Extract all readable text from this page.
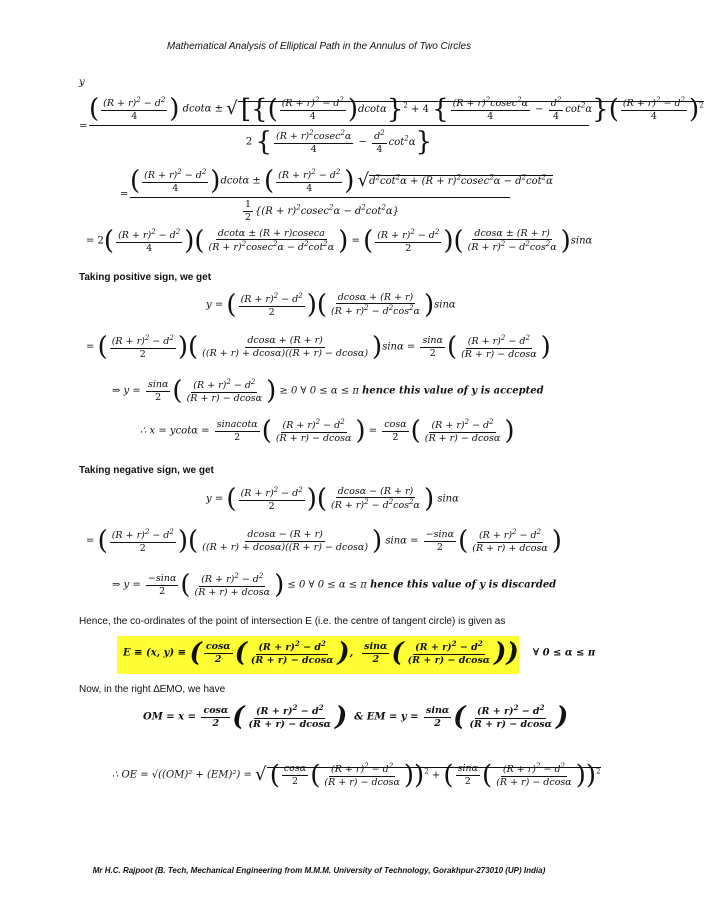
Mathematical Analysis of Elliptical Path in the Annulus of Two Circles
y
=
( $\frac{(R + r)^2 - d^2}{4}$ ) dcotα ± √ [{( $\frac{(R + r)^2 - d^2}{4} )dcot\alpha\}^2 + 4$ { $\frac{(R + r)^2cosec^2\alpha}{4} - \frac{d^2}{4} \cot^2\alpha\}( \frac{(R + r)^2 - d^2}{4} )^2$
2 { $\frac{(R + r)^2cosec^2\alpha}{4} - \frac{d^2}{4} \cot^2\alpha$}
= ( $\frac{(R + r)^2 - d^2}{4} )dcot\alpha$ ± ( $\frac{(R + r)^2 - d^2}{4}$ ) $√d^2\cot^2\alpha + (R + r)^2cosec^2\alpha - d^2\cot^2\alpha$
$\frac{1}{2} \{(R + r)^2cosec^2\alpha - d^2\cot^2\alpha\}$
= $2( \frac{(R + r)^2 - d^2}{4}$ )( $\frac{dcot\alpha \pm (R + r)coseca}{(R + r)^2cosec^2\alpha - d^2\cot^2\alpha}$ ) = ( $\frac{(R + r)^2 - d^2}{2}$ )( $\frac{dcos\alpha \pm (R + r)}{(R + r)^2 - d^2\cos^2\alpha} )\sin\alpha$
Taking positive sign, we get
y = ( $\frac{(R + r)^2 - d^2}{2}$ )( $\frac{dcos\alpha + (R + r)}{(R + r)^2 - d^2\cos^2\alpha} )\sin\alpha$
= ( $\frac{(R + r)^2 - d^2}{2}$ )( $\frac{dcos\alpha + (R + r)}{((R + r) + dcos\alpha)((R + r) - dcos\alpha)} )\sin\alpha = \frac{\sin\alpha}{2}$ ( $\frac{(R + r)^2 - d^2}{(R + r) - dcos\alpha}$ )
⇒ $y = \frac{\sin\alpha}{2}$ ( $\frac{(R + r)^2 - d^2}{(R + r) - dcos\alpha}$ ) ≥ 0 ∀ 0 ≤ α ≤ π hence this value of y is accepted
∴ $x = ycot\alpha = \frac{\text{sinacotα}}{2}$ ( $\frac{(R + r)^2 - d^2}{(R + r) - dcos\alpha}$ ) = $\frac{\cos\alpha}{2}$ ( $\frac{(R + r)^2 - d^2}{(R + r) - dcos\alpha}$ )
Taking negative sign, we get
y = ( $\frac{(R + r)^2 - d^2}{2}$ )( $\frac{dcos\alpha - (R + r)}{(R + r)^2 - d^2\cos^2\alpha}$ ) sinα
= ( $\frac{(R + r)^2 - d^2}{2}$ )( $\frac{dcos\alpha - (R + r)}{((R + r) + dcos\alpha)((R + r) - dcos\alpha)}$ ) $\sin\alpha = \frac{-\sin\alpha}{2}$ ( $\frac{(R + r)^2 - d^2}{(R + r) + dcos\alpha}$ )
⇒ $y = \frac{-\sin\alpha}{2}$ ( $\frac{(R + r)^2 - d^2}{(R + r) + dcos\alpha}$ ) ≤ 0 ∀ 0 ≤ α ≤ π hence this value of y is discarded
Hence, the co-ordinates of the point of intersection E (i.e. the centre of tangent circle) is given as
E ≡ (x, y) ≡ ( $\frac{\cos\alpha}{2}$ ( $\frac{(R + r)^2 - d^2}{(R + r) - dcos\alpha}$ ), $\frac{\sin\alpha}{2}$ ( $\frac{(R + r)^2 - d^2}{(R + r) - dcos\alpha}$ )) ∀ 0 ≤ α ≤ π
Now, in the right ∆EMO, we have
OM = $x = \frac{\cos\alpha}{2}$ ( $\frac{(R + r)^2 - d^2}{(R + r) - dcos\alpha}$ ) & EM = $y = \frac{\sin\alpha}{2}$ ( $\frac{(R + r)^2 - d^2}{(R + r) - dcos\alpha}$ )
∴ OE = √((OM)² + (EM)²) = √ ( $\frac{\cos\alpha}{2}$ ( $\frac{(R + r)^2 - d^2}{(R + r) - dcos\alpha} ))^2$ + ( $\frac{\sin\alpha}{2}$ ( $\frac{(R + r)^2 - d^2}{(R + r) - dcos\alpha} ))^2$
Mr H.C. Rajpoot (B. Tech, Mechanical Engineering from M.M.M. University of Technology, Gorakhpur-273010 (UP) India)
